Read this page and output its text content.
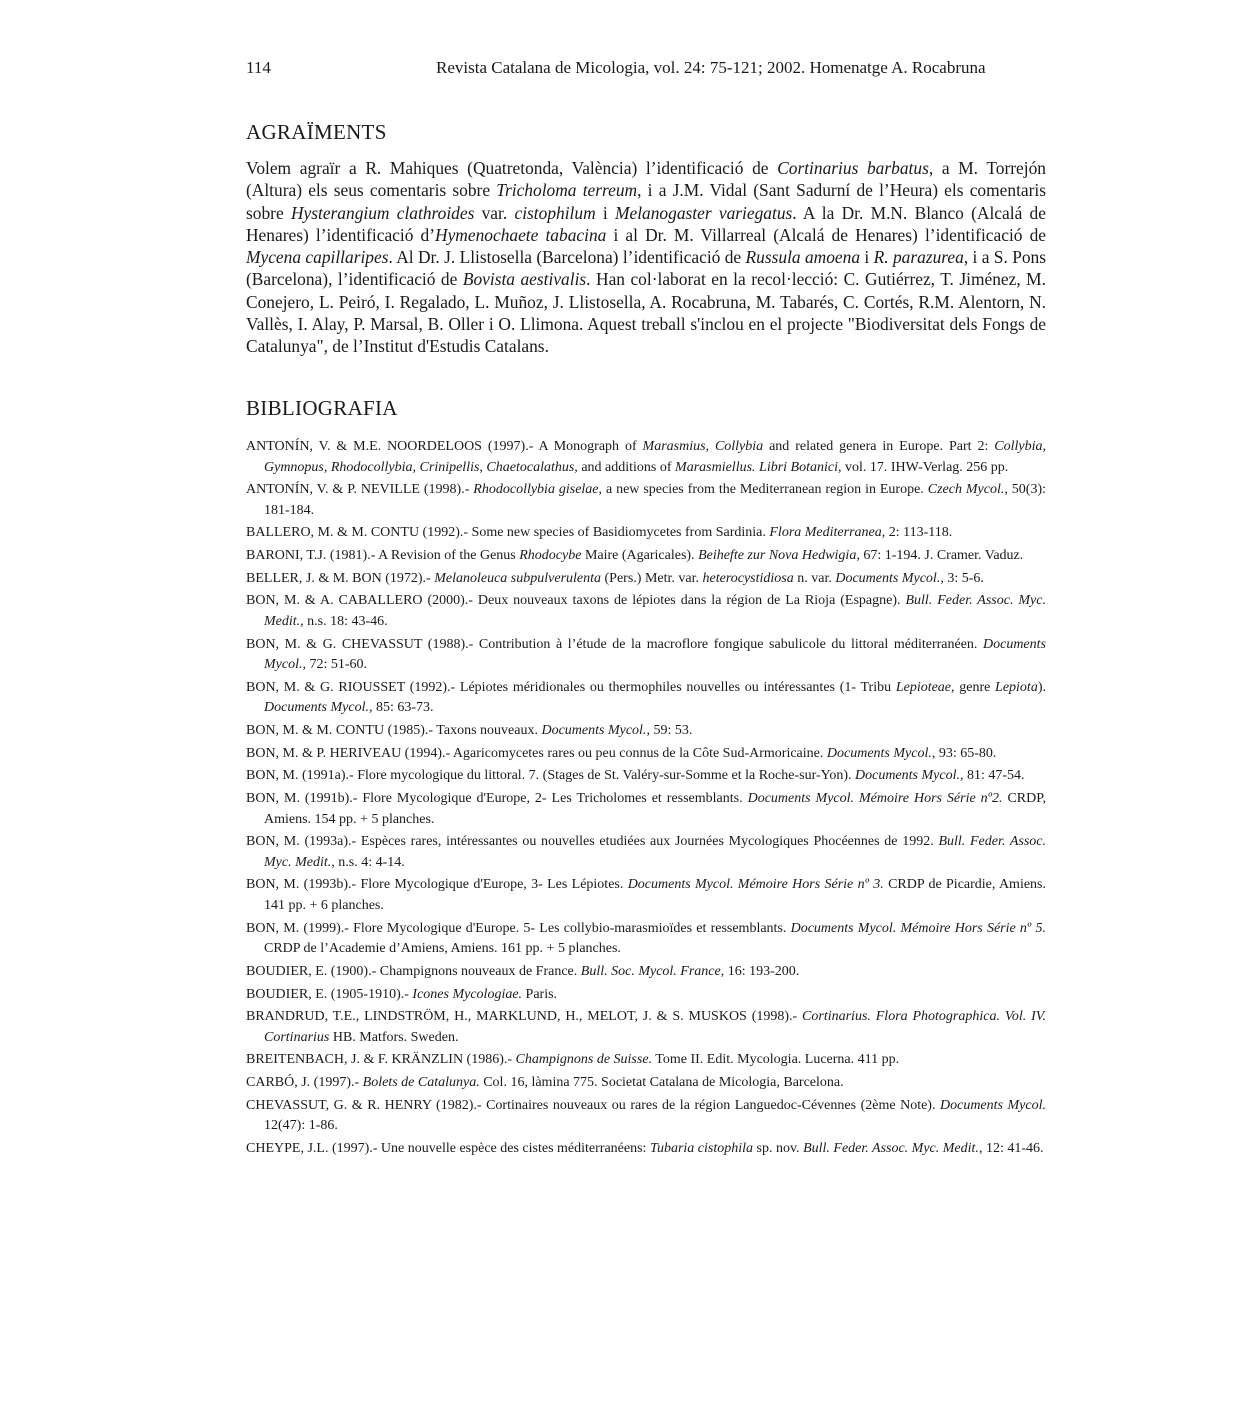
114	Revista Catalana de Micologia, vol. 24: 75-121; 2002. Homenatge A. Rocabruna
AGRAÏMENTS
Volem agraïr a R. Mahiques (Quatretonda, València) l’identificació de Cortinarius barbatus, a M. Torrejón (Altura) els seus comentaris sobre Tricholoma terreum, i a J.M. Vidal (Sant Sadurní de l’Heura) els comentaris sobre Hysterangium clathroides var. cistophilum i Melanogaster variegatus. A la Dr. M.N. Blanco (Alcalá de Henares) l’identificació d’Hymenochaete tabacina i al Dr. M. Villarreal (Alcalá de Henares) l’identificació de Mycena capillaripes. Al Dr. J. Llistosella (Barcelona) l’identificació de Russula amoena i R. parazurea, i a S. Pons (Barcelona), l’identificació de Bovista aestivalis. Han col·laborat en la recol·lecció: C. Gutiérrez, T. Jiménez, M. Conejero, L. Peiró, I. Regalado, L. Muñoz, J. Llistosella, A. Rocabruna, M. Tabarés, C. Cortés, R.M. Alentorn, N. Vallès, I. Alay, P. Marsal, B. Oller i O. Llimona. Aquest treball s'inclou en el projecte "Biodiversitat dels Fongs de Catalunya", de l’Institut d'Estudis Catalans.
BIBLIOGRAFIA

ANTONÍN, V. & M.E. NOORDELOOS (1997).- A Monograph of Marasmius, Collybia and related genera in Europe. Part 2: Collybia, Gymnopus, Rhodocollybia, Crinipellis, Chaetocalathus, and additions of Marasmiellus. Libri Botanici, vol. 17. IHW-Verlag. 256 pp.

ANTONÍN, V. & P. NEVILLE (1998).- Rhodocollybia giselae, a new species from the Mediterranean region in Europe. Czech Mycol., 50(3): 181-184.

BALLERO, M. & M. CONTU (1992).- Some new species of Basidiomycetes from Sardinia. Flora Mediterranea, 2: 113-118.

BARONI, T.J. (1981).- A Revision of the Genus Rhodocybe Maire (Agaricales). Beihefte zur Nova Hedwigia, 67: 1-194. J. Cramer. Vaduz.

BELLER, J. & M. BON (1972).- Melanoleuca subpulverulenta (Pers.) Metr. var. heterocystidiosa n. var. Documents Mycol., 3: 5-6.

BON, M. & A. CABALLERO (2000).- Deux nouveaux taxons de lépiotes dans la région de La Rioja (Espagne). Bull. Feder. Assoc. Myc. Medit., n.s. 18: 43-46.

BON, M. & G. CHEVASSUT (1988).- Contribution à l’étude de la macroflore fongique sabulicole du littoral méditerranéen. Documents Mycol., 72: 51-60.

BON, M. & G. RIOUSSET (1992).- Lépiotes méridionales ou thermophiles nouvelles ou intéressantes (1- Tribu Lepioteae, genre Lepiota). Documents Mycol., 85: 63-73.

BON, M. & M. CONTU (1985).- Taxons nouveaux. Documents Mycol., 59: 53.

BON, M. & P. HERIVEAU (1994).- Agaricomycetes rares ou peu connus de la Côte Sud-Armoricaine. Documents Mycol., 93: 65-80.

BON, M. (1991a).- Flore mycologique du littoral. 7. (Stages de St. Valéry-sur-Somme et la Roche-sur-Yon). Documents Mycol., 81: 47-54.

BON, M. (1991b).- Flore Mycologique d'Europe, 2- Les Tricholomes et ressemblants. Documents Mycol. Mémoire Hors Série nº2. CRDP, Amiens. 154 pp. + 5 planches.

BON, M. (1993a).- Espèces rares, intéressantes ou nouvelles etudiées aux Journées Mycologiques Phocéennes de 1992. Bull. Feder. Assoc. Myc. Medit., n.s. 4: 4-14.

BON, M. (1993b).- Flore Mycologique d'Europe, 3- Les Lépiotes. Documents Mycol. Mémoire Hors Série nº 3. CRDP de Picardie, Amiens. 141 pp. + 6 planches.

BON, M. (1999).- Flore Mycologique d'Europe. 5- Les collybio-marasmioïdes et ressemblants. Documents Mycol. Mémoire Hors Série nº 5. CRDP de l’Academie d’Amiens, Amiens. 161 pp. + 5 planches.

BOUDIER, E. (1900).- Champignons nouveaux de France. Bull. Soc. Mycol. France, 16: 193-200.

BOUDIER, E. (1905-1910).- Icones Mycologiae. Paris.

BRANDRUD, T.E., LINDSTRÖM, H., MARKLUND, H., MELOT, J. & S. MUSKOS (1998).- Cortinarius. Flora Photographica. Vol. IV. Cortinarius HB. Matfors. Sweden.

BREITENBACH, J. & F. KRÄNZLIN (1986).- Champignons de Suisse. Tome II. Edit. Mycologia. Lucerna. 411 pp.

CARBÓ, J. (1997).- Bolets de Catalunya. Col. 16, làmina 775. Societat Catalana de Micologia, Barcelona.

CHEVASSUT, G. & R. HENRY (1982).- Cortinaires nouveaux ou rares de la région Languedoc-Cévennes (2ème Note). Documents Mycol. 12(47): 1-86.

CHEYPE, J.L. (1997).- Une nouvelle espèce des cistes méditerranéens: Tubaria cistophila sp. nov. Bull. Feder. Assoc. Myc. Medit., 12: 41-46.
